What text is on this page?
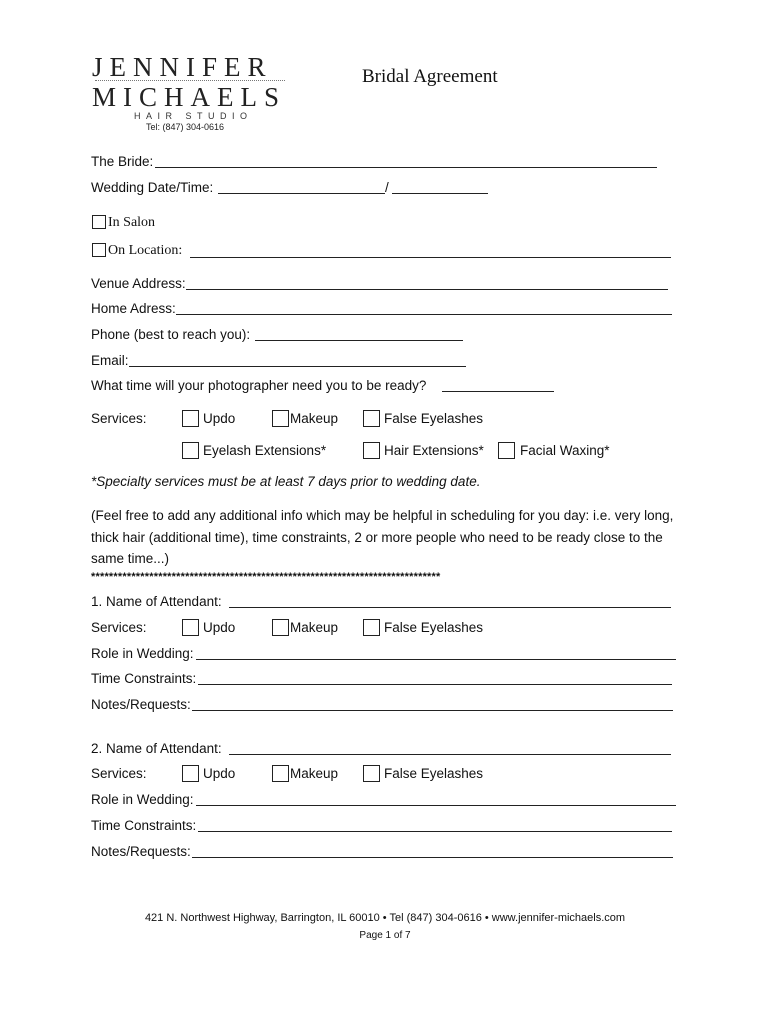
JENNIFER
MICHAELS
HAIR STUDIO
Tel: (847) 304-0616
Bridal Agreement
The Bride:
Wedding Date/Time:	/
In Salon
On Location:
Venue Address:
Home Adress:
Phone (best to reach you):
Email:
What time will your photographer need you to be ready?
Services:	Updo	Makeup	False Eyelashes
Eyelash Extensions*	Hair Extensions*	Facial Waxing*
*Specialty services must be at least 7 days prior to wedding date.
(Feel free to add any additional info which may be helpful in scheduling for you day: i.e. very long, thick hair (additional time), time constraints, 2 or more people who need to be ready close to the same time...)
******************************************************************************
1. Name of Attendant:
Services:	Updo	Makeup	False Eyelashes
Role in Wedding:
Time Constraints:
Notes/Requests:
2. Name of Attendant:
Services:	Updo	Makeup	False Eyelashes
Role in Wedding:
Time Constraints:
Notes/Requests:
421 N. Northwest Highway, Barrington, IL 60010 • Tel (847) 304-0616 • www.jennifer-michaels.com
Page 1 of 7
